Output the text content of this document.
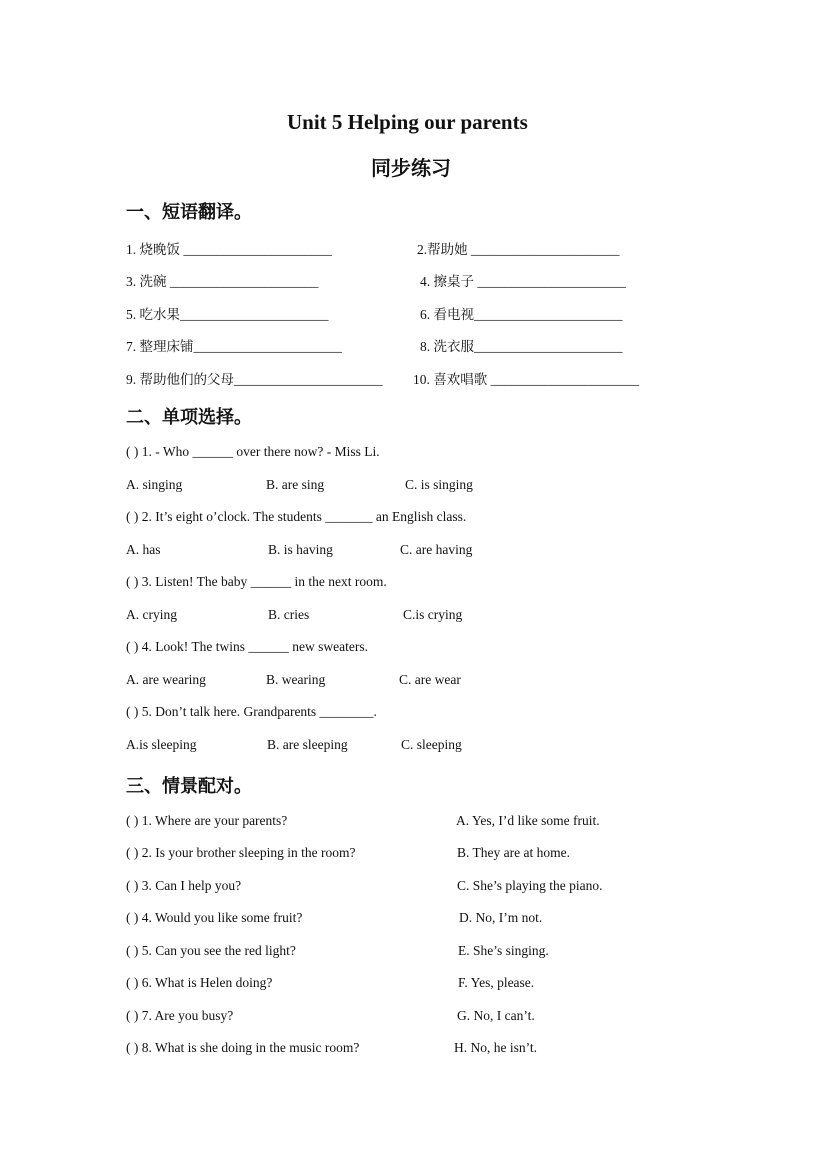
Unit 5 Helping our parents
同步练习
一、短语翻译。
1. 烧晚饭 ______________________	2.帮助她 ______________________
3. 洗碗 ______________________	4. 擦桌子 ______________________
5. 吃水果______________________	6. 看电视______________________
7. 整理床铺______________________	8. 洗衣服______________________
9. 帮助他们的父母______________________ 10. 喜欢唱歌 ______________________
二、单项选择。
( ) 1. - Who ______ over there now? - Miss Li.
A. singing	B. are sing	C. is singing
( ) 2. It’s eight o’clock. The students _______ an English class.
A. has	B. is having	C. are having
( ) 3. Listen! The baby ______ in the next room.
A. crying	B. cries	C.is crying
( ) 4. Look! The twins ______ new sweaters.
A. are wearing	B. wearing	C. are wear
( ) 5. Don’t talk here. Grandparents ________.
A.is sleeping	B. are sleeping	C. sleeping
三、情景配对。
( ) 1. Where are your parents?	A. Yes, I’d like some fruit.
( ) 2. Is your brother sleeping in the room?	B. They are at home.
( ) 3. Can I help you?	C. She’s playing the piano.
( ) 4. Would you like some fruit?	D. No, I’m not.
( ) 5. Can you see the red light?	E. She’s singing.
( ) 6. What is Helen doing?	F. Yes, please.
( ) 7. Are you busy?	G. No, I can’t.
( ) 8. What is she doing in the music room?	H. No, he isn’t.
